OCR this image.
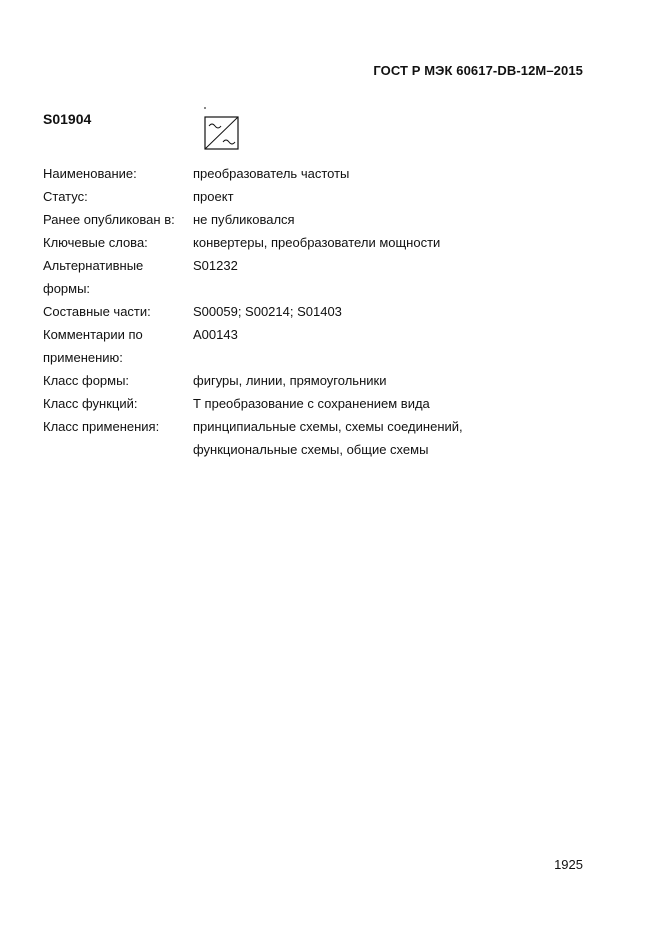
ГОСТ Р МЭК 60617-DB-12M–2015
S01904
Наименование:	преобразователь частоты
Статус:	проект
Ранее опубликован в:	не публиковался
Ключевые слова:	конвертеры, преобразователи мощности
Альтернативные	S01232
формы:
Составные части:	S00059; S00214; S01403
Комментарии по	A00143
применению:
Класс формы:	фигуры, линии, прямоугольники
Класс функций:	Т преобразование с сохранением вида
Класс применения:	принципиальные схемы, схемы соединений,
функциональные схемы, общие схемы
1925
